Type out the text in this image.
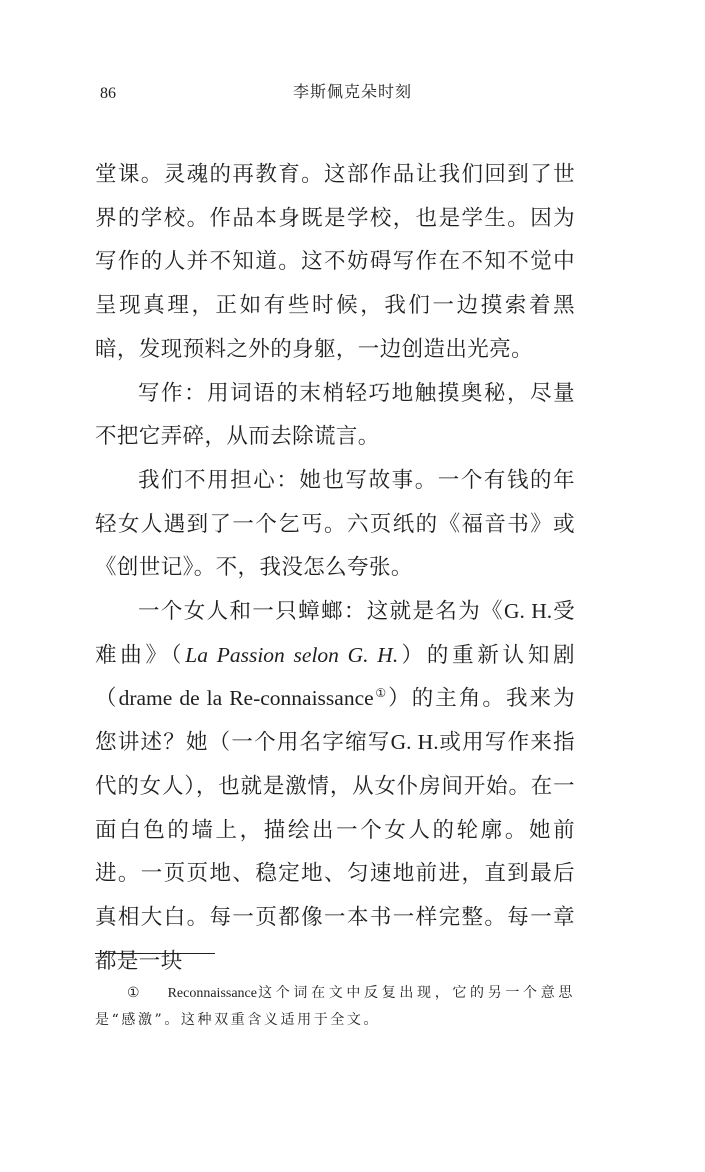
86	李斯佩克朵时刻

堂课。灵魂的再教育。这部作品让我们回到了世界的学校。作品本身既是学校，也是学生。因为写作的人并不知道。这不妨碍写作在不知不觉中呈现真理，正如有些时候，我们一边摸索着黑暗，发现预料之外的身躯，一边创造出光亮。

写作：用词语的末梢轻巧地触摸奥秘，尽量不把它弄碎，从而去除谎言。

我们不用担心：她也写故事。一个有钱的年轻女人遇到了一个乞丐。六页纸的《福音书》或《创世记》。不，我没怎么夸张。

一个女人和一只蟑螂：这就是名为《G. H.受难曲》（La Passion selon G. H.）的重新认知剧（drame de la Re-connaissance①）的主角。我来为您讲述？她（一个用名字缩写G. H.或用写作来指代的女人），也就是激情，从女仆房间开始。在一面白色的墙上，描绘出一个女人的轮廓。她前进。一页页地、稳定地、匀速地前进，直到最后真相大白。每一页都像一本书一样完整。每一章都是一块

① Reconnaissance这个词在文中反复出现，它的另一个意思是“感激”。这种双重含义适用于全文。
